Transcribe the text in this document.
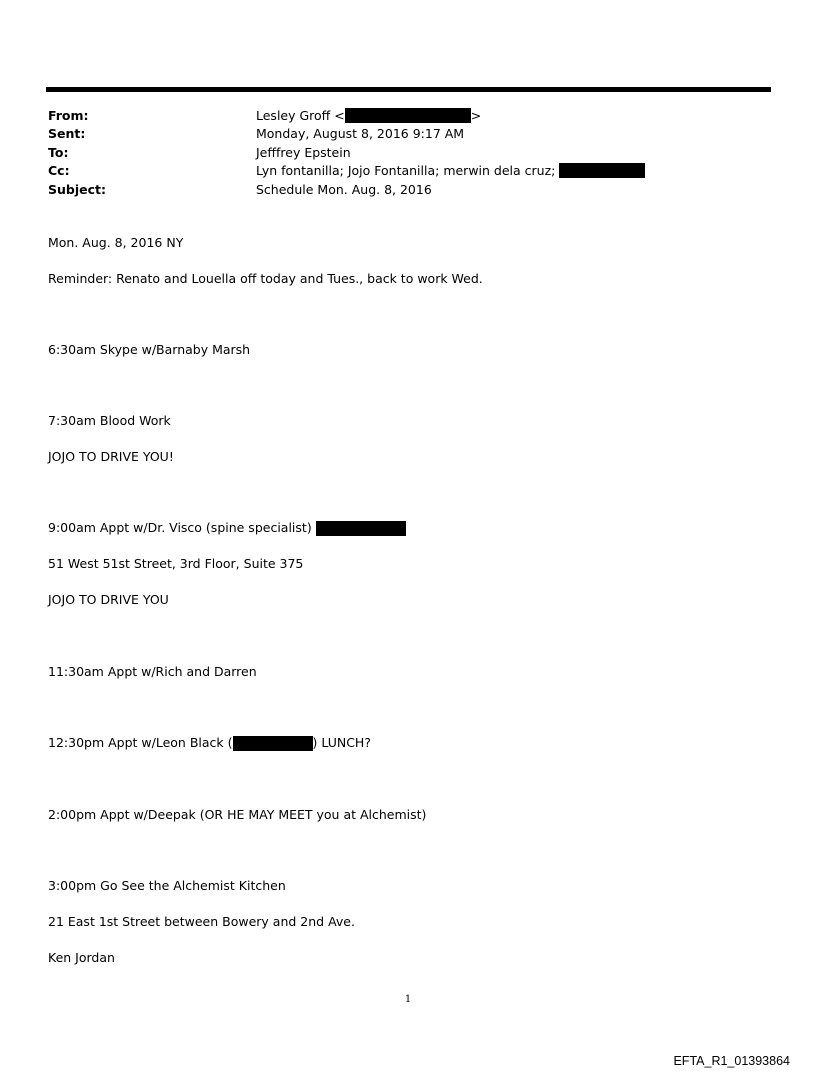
From:	Lesley Groff <	>
Sent:	Monday, August 8, 2016 9:17 AM
To:	Jefffrey Epstein
Cc:	Lyn fontanilla; Jojo Fontanilla; merwin dela cruz;
Subject:	Schedule Mon. Aug. 8, 2016
Mon. Aug. 8, 2016 NY
Reminder: Renato and Louella off today and Tues., back to work Wed.
6:30am Skype w/Barnaby Marsh
7:30am Blood Work
JOJO TO DRIVE YOU!
9:00am Appt w/Dr. Visco (spine specialist)
51 West 51st Street, 3rd Floor, Suite 375
JOJO TO DRIVE YOU
11:30am Appt w/Rich and Darren
12:30pm Appt w/Leon Black (	) LUNCH?
2:00pm Appt w/Deepak (OR HE MAY MEET you at Alchemist)
3:00pm Go See the Alchemist Kitchen
21 East 1st Street between Bowery and 2nd Ave.
Ken Jordan
1
EFTA_R1_01393864
